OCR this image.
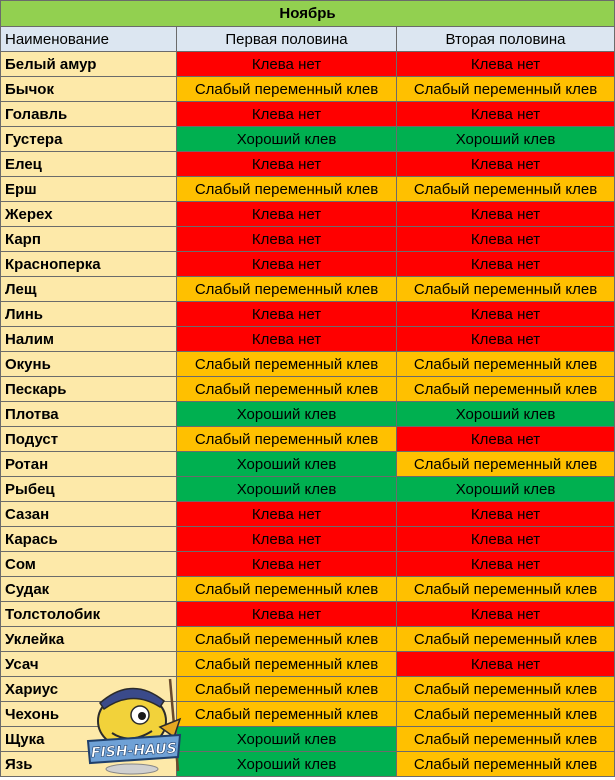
Ноябрь
Наименование	Первая половина	Вторая половина
Белый амур	Клева нет	Клева нет
Бычок	Слабый переменный клев	Слабый переменный клев
Голавль	Клева нет	Клева нет
Густера	Хороший клев	Хороший клев
Елец	Клева нет	Клева нет
Ерш	Слабый переменный клев	Слабый переменный клев
Жерех	Клева нет	Клева нет
Карп	Клева нет	Клева нет
Красноперка	Клева нет	Клева нет
Лещ	Слабый переменный клев	Слабый переменный клев
Линь	Клева нет	Клева нет
Налим	Клева нет	Клева нет
Окунь	Слабый переменный клев	Слабый переменный клев
Пескарь	Слабый переменный клев	Слабый переменный клев
Плотва	Хороший клев	Хороший клев
Подуст	Слабый переменный клев	Клева нет
Ротан	Хороший клев	Слабый переменный клев
Рыбец	Хороший клев	Хороший клев
Сазан	Клева нет	Клева нет
Карась	Клева нет	Клева нет
Сом	Клева нет	Клева нет
Судак	Слабый переменный клев	Слабый переменный клев
Толстолобик	Клева нет	Клева нет
Уклейка	Слабый переменный клев	Слабый переменный клев
Усач	Слабый переменный клев	Клева нет
Хариус	Слабый переменный клев	Слабый переменный клев
Чехонь	Слабый переменный клев	Слабый переменный клев
Щука	Хороший клев	Слабый переменный клев
Язь	Хороший клев	Слабый переменный клев
FISH-HAUS
